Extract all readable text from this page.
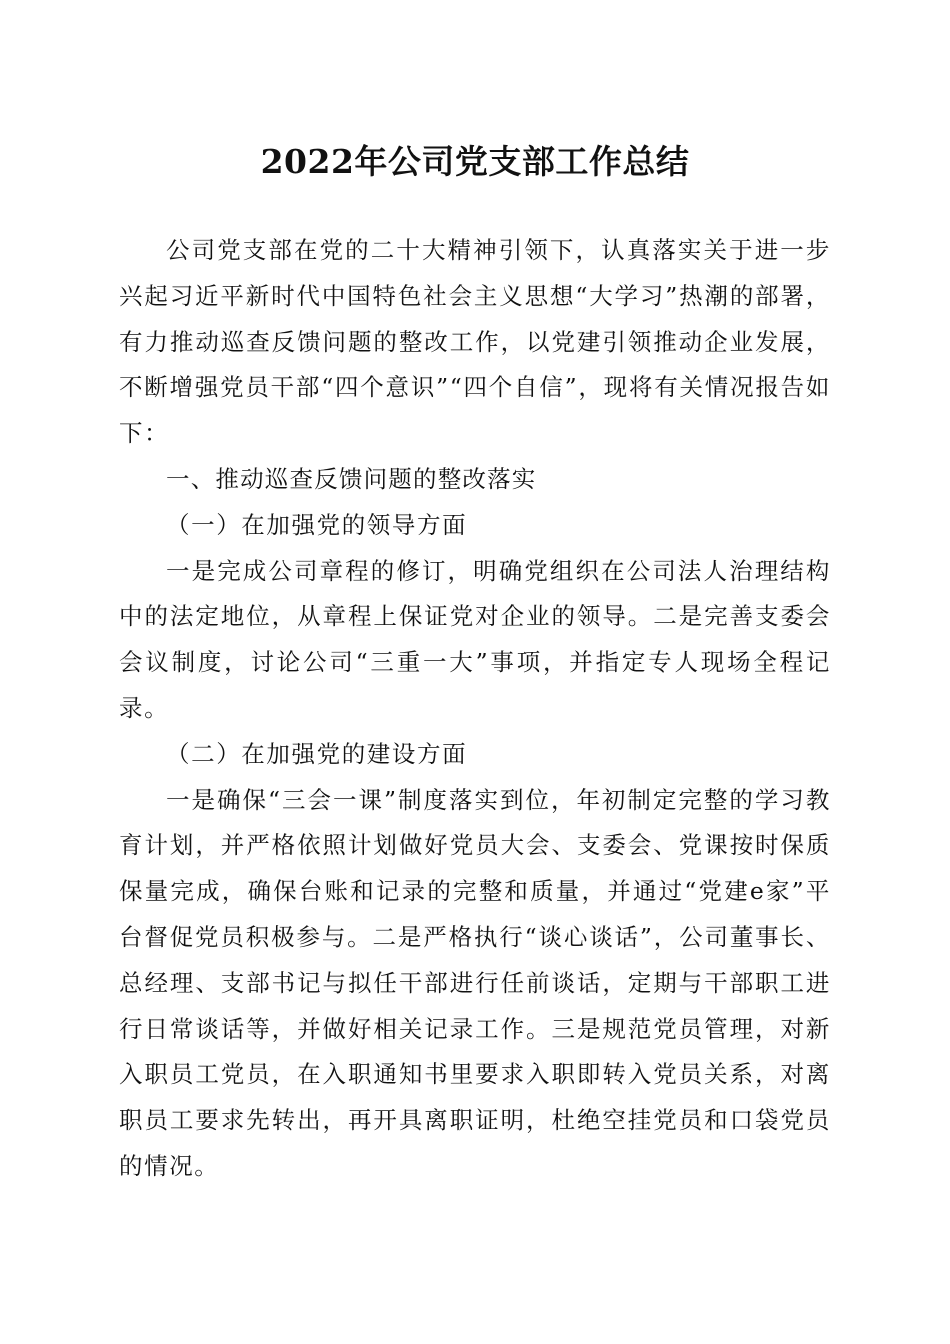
2022年公司党支部工作总结

公司党支部在党的二十大精神引领下，认真落实关于进一步兴起习近平新时代中国特色社会主义思想“大学习”热潮的部署，有力推动巡查反馈问题的整改工作，以党建引领推动企业发展，不断增强党员干部“四个意识”“四个自信”，现将有关情况报告如下：

一、推动巡查反馈问题的整改落实

（一）在加强党的领导方面

一是完成公司章程的修订，明确党组织在公司法人治理结构中的法定地位，从章程上保证党对企业的领导。二是完善支委会会议制度，讨论公司“三重一大”事项，并指定专人现场全程记录。

（二）在加强党的建设方面

一是确保“三会一课”制度落实到位，年初制定完整的学习教育计划，并严格依照计划做好党员大会、支委会、党课按时保质保量完成，确保台账和记录的完整和质量，并通过“党建e家”平台督促党员积极参与。二是严格执行“谈心谈话”，公司董事长、总经理、支部书记与拟任干部进行任前谈话，定期与干部职工进行日常谈话等，并做好相关记录工作。三是规范党员管理，对新入职员工党员，在入职通知书里要求入职即转入党员关系，对离职员工要求先转出，再开具离职证明，杜绝空挂党员和口袋党员的情况。
